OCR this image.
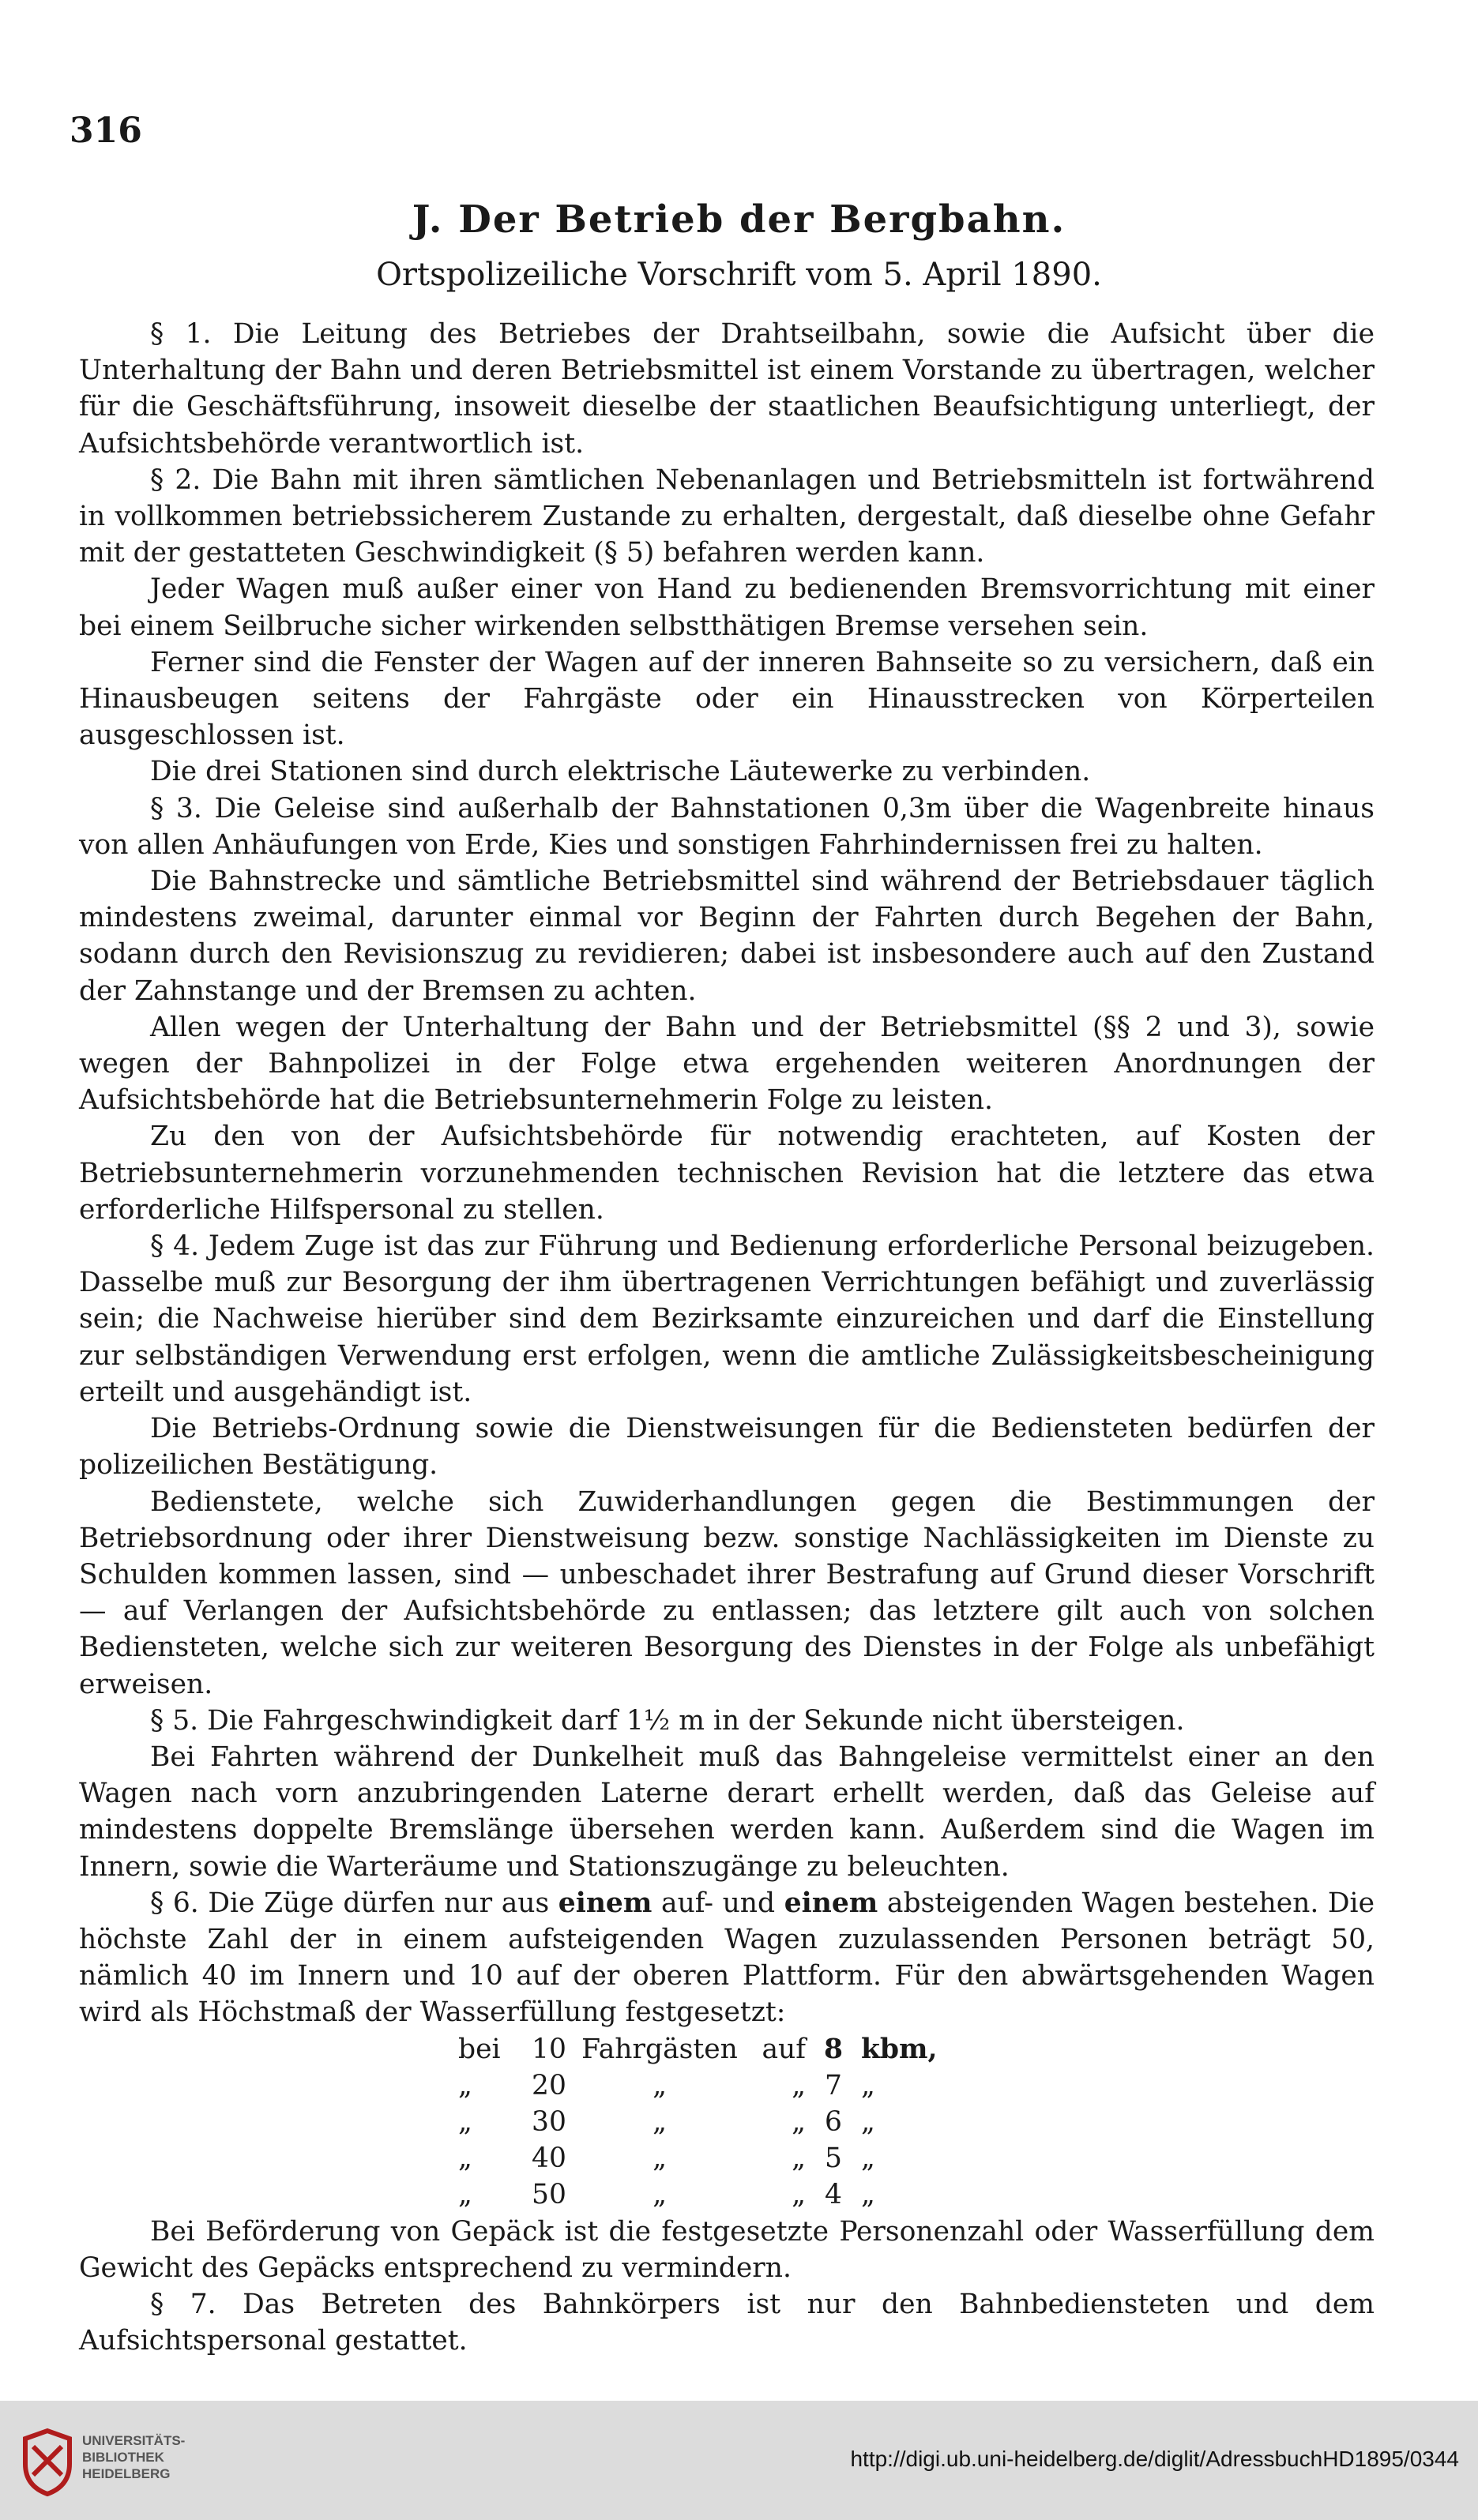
316
J. Der Betrieb der Bergbahn.
Ortspolizeiliche Vorschrift vom 5. April 1890.

§ 1. Die Leitung des Betriebes der Drahtseilbahn, sowie die Aufsicht über die Unterhaltung der Bahn und deren Betriebsmittel ist einem Vorstande zu übertragen, welcher für die Geschäftsführung, insoweit dieselbe der staatlichen Beaufsichtigung unterliegt, der Aufsichtsbehörde verantwortlich ist.

§ 2. Die Bahn mit ihren sämtlichen Nebenanlagen und Betriebsmitteln ist fortwährend in vollkommen betriebssicherem Zustande zu erhalten, dergestalt, daß dieselbe ohne Gefahr mit der gestatteten Geschwindigkeit (§ 5) befahren werden kann.

Jeder Wagen muß außer einer von Hand zu bedienenden Bremsvorrichtung mit einer bei einem Seilbruche sicher wirkenden selbstthätigen Bremse versehen sein.

Ferner sind die Fenster der Wagen auf der inneren Bahnseite so zu versichern, daß ein Hinausbeugen seitens der Fahrgäste oder ein Hinausstrecken von Körperteilen ausgeschlossen ist.

Die drei Stationen sind durch elektrische Läutewerke zu verbinden.

§ 3. Die Geleise sind außerhalb der Bahnstationen 0,3m über die Wagenbreite hinaus von allen Anhäufungen von Erde, Kies und sonstigen Fahrhindernissen frei zu halten.

Die Bahnstrecke und sämtliche Betriebsmittel sind während der Betriebsdauer täglich mindestens zweimal, darunter einmal vor Beginn der Fahrten durch Begehen der Bahn, sodann durch den Revisionszug zu revidieren; dabei ist insbesondere auch auf den Zustand der Zahnstange und der Bremsen zu achten.

Allen wegen der Unterhaltung der Bahn und der Betriebsmittel (§§ 2 und 3), sowie wegen der Bahnpolizei in der Folge etwa ergehenden weiteren Anordnungen der Aufsichtsbehörde hat die Betriebsunternehmerin Folge zu leisten.

Zu den von der Aufsichtsbehörde für notwendig erachteten, auf Kosten der Betriebsunternehmerin vorzunehmenden technischen Revision hat die letztere das etwa erforderliche Hilfspersonal zu stellen.

§ 4. Jedem Zuge ist das zur Führung und Bedienung erforderliche Personal beizugeben. Dasselbe muß zur Besorgung der ihm übertragenen Verrichtungen befähigt und zuverlässig sein; die Nachweise hierüber sind dem Bezirksamte einzureichen und darf die Einstellung zur selbständigen Verwendung erst erfolgen, wenn die amtliche Zulässigkeitsbescheinigung erteilt und ausgehändigt ist.

Die Betriebs-Ordnung sowie die Dienstweisungen für die Bediensteten bedürfen der polizeilichen Bestätigung.

Bedienstete, welche sich Zuwiderhandlungen gegen die Bestimmungen der Betriebsordnung oder ihrer Dienstweisung bezw. sonstige Nachlässigkeiten im Dienste zu Schulden kommen lassen, sind — unbeschadet ihrer Bestrafung auf Grund dieser Vorschrift — auf Verlangen der Aufsichtsbehörde zu entlassen; das letztere gilt auch von solchen Bediensteten, welche sich zur weiteren Besorgung des Dienstes in der Folge als unbefähigt erweisen.

§ 5. Die Fahrgeschwindigkeit darf 1½ m in der Sekunde nicht übersteigen.

Bei Fahrten während der Dunkelheit muß das Bahngeleise vermittelst einer an den Wagen nach vorn anzubringenden Laterne derart erhellt werden, daß das Geleise auf mindestens doppelte Bremslänge übersehen werden kann. Außerdem sind die Wagen im Innern, sowie die Warteräume und Stationszugänge zu beleuchten.

§ 6. Die Züge dürfen nur aus einem auf- und einem absteigenden Wagen bestehen. Die höchste Zahl der in einem aufsteigenden Wagen zuzulassenden Personen beträgt 50, nämlich 40 im Innern und 10 auf der oberen Plattform. Für den abwärtsgehenden Wagen wird als Höchstmaß der Wasserfüllung festgesetzt:

bei	10	Fahrgästen	auf	8	kbm,
„	20	„	„	7	„
„	30	„	„	6	„
„	40	„	„	5	„
„	50	„	„	4	„

Bei Beförderung von Gepäck ist die festgesetzte Personenzahl oder Wasserfüllung dem Gewicht des Gepäcks entsprechend zu vermindern.

§ 7. Das Betreten des Bahnkörpers ist nur den Bahnbediensteten und dem Aufsichtspersonal gestattet.

UNIVERSITÄTS-
BIBLIOTHEK
HEIDELBERG
http://digi.ub.uni-heidelberg.de/diglit/AdressbuchHD1895/0344
